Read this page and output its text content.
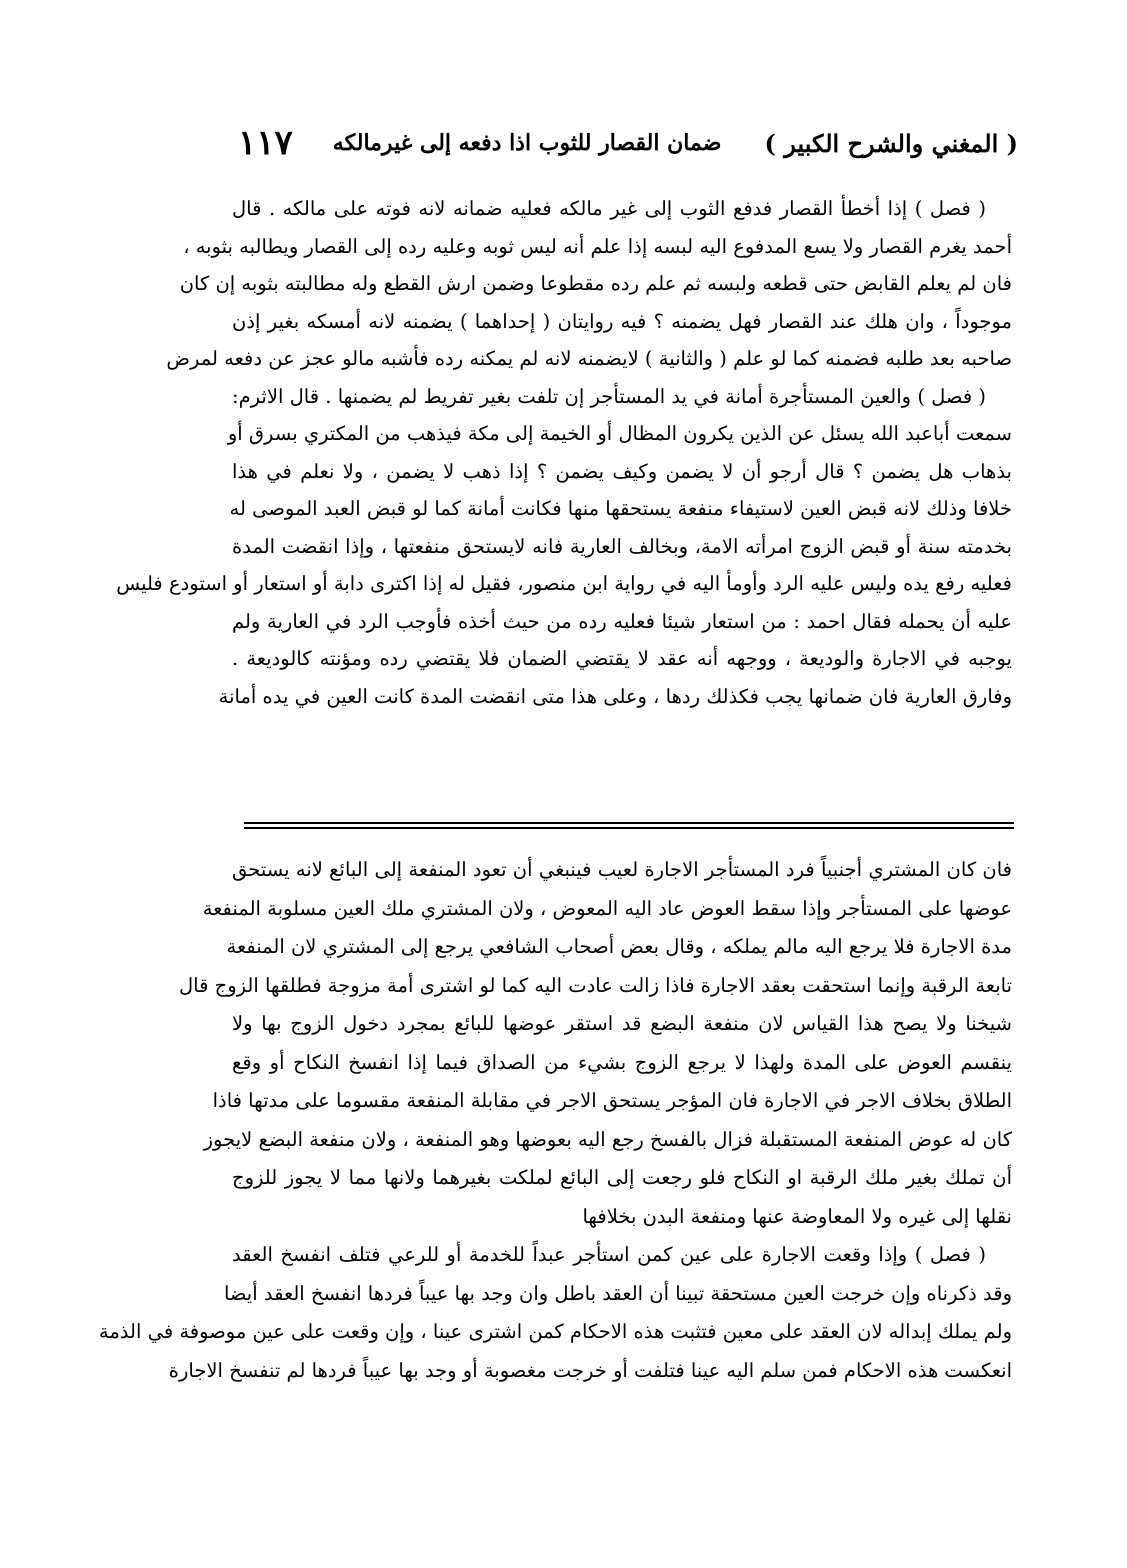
( المغني والشرح الكبير )
ضمان القصار للثوب اذا دفعه إلى غيرمالكه
١١٧
( فصل ) إذا أخطأ القصار فدفع الثوب إلى غير مالكه فعليه ضمانه لانه فوته على مالكه . قال
أحمد يغرم القصار ولا يسع المدفوع اليه لبسه إذا علم أنه ليس ثوبه وعليه رده إلى القصار ويطالبه بثوبه ،
فان لم يعلم القابض حتى قطعه ولبسه ثم علم رده مقطوعا وضمن ارش القطع وله مطالبته بثوبه إن كان
موجوداً ، وان هلك عند القصار فهل يضمنه ؟ فيه روايتان ( إحداهما ) يضمنه لانه أمسكه بغير إذن
صاحبه بعد طلبه فضمنه كما لو علم ( والثانية ) لايضمنه لانه لم يمكنه رده فأشبه مالو عجز عن دفعه لمرض
( فصل ) والعين المستأجرة أمانة في يد المستأجر إن تلفت بغير تفريط لم يضمنها . قال الاثرم:
سمعت أباعبد الله يسئل عن الذين يكرون المظال أو الخيمة إلى مكة فيذهب من المكتري بسرق أو
بذهاب هل يضمن ؟ قال أرجو أن لا يضمن وكيف يضمن ؟ إذا ذهب لا يضمن ، ولا نعلم في هذا
خلافا وذلك لانه قبض العين لاستيفاء منفعة يستحقها منها فكانت أمانة كما لو قبض العبد الموصى له
بخدمته سنة أو قبض الزوج امرأته الامة، وبخالف العارية فانه لايستحق منفعتها ، وإذا انقضت المدة
فعليه رفع يده وليس عليه الرد وأومأ اليه في رواية ابن منصور، فقيل له إذا اكترى دابة أو استعار أو استودع فليس
عليه أن يحمله فقال احمد : من استعار شيئا فعليه رده من حيث أخذه فأوجب الرد في العارية ولم
يوجبه في الاجارة والوديعة ، ووجهه أنه عقد لا يقتضي الضمان فلا يقتضي رده ومؤنته كالوديعة .
وفارق العارية فان ضمانها يجب فكذلك ردها ، وعلى هذا متى انقضت المدة كانت العين في يده أمانة
فان كان المشتري أجنبياً فرد المستأجر الاجارة لعيب فينبغي أن تعود المنفعة إلى البائع لانه يستحق
عوضها على المستأجر وإذا سقط العوض عاد اليه المعوض ، ولان المشتري ملك العين مسلوبة المنفعة
مدة الاجارة فلا يرجع اليه مالم يملكه ، وقال بعض أصحاب الشافعي يرجع إلى المشتري لان المنفعة
تابعة الرقبة وإنما استحقت بعقد الاجارة فاذا زالت عادت اليه كما لو اشترى أمة مزوجة فطلقها الزوج قال
شيخنا ولا يصح هذا القياس لان منفعة البضع قد استقر عوضها للبائع بمجرد دخول الزوج بها ولا
ينقسم العوض على المدة ولهذا لا يرجع الزوج بشيء من الصداق فيما إذا انفسخ النكاح أو وقع
الطلاق بخلاف الاجر في الاجارة فان المؤجر يستحق الاجر في مقابلة المنفعة مقسوما على مدتها فاذا
كان له عوض المنفعة المستقبلة فزال بالفسخ رجع اليه بعوضها وهو المنفعة ، ولان منفعة البضع لايجوز
أن تملك بغير ملك الرقبة او النكاح فلو رجعت إلى البائع لملكت بغيرهما ولانها مما لا يجوز للزوج
نقلها إلى غيره ولا المعاوضة عنها ومنفعة البدن بخلافها
( فصل ) وإذا وقعت الاجارة على عين كمن استأجر عبداً للخدمة أو للرعي فتلف انفسخ العقد
وقد ذكرناه وإن خرجت العين مستحقة تبينا أن العقد باطل وان وجد بها عيباً فردها انفسخ العقد أيضا
ولم يملك إبداله لان العقد على معين فتثبت هذه الاحكام كمن اشترى عينا ، وإن وقعت على عين موصوفة في الذمة
انعكست هذه الاحكام فمن سلم اليه عينا فتلفت أو خرجت مغصوبة أو وجد بها عيباً فردها لم تنفسخ الاجارة
